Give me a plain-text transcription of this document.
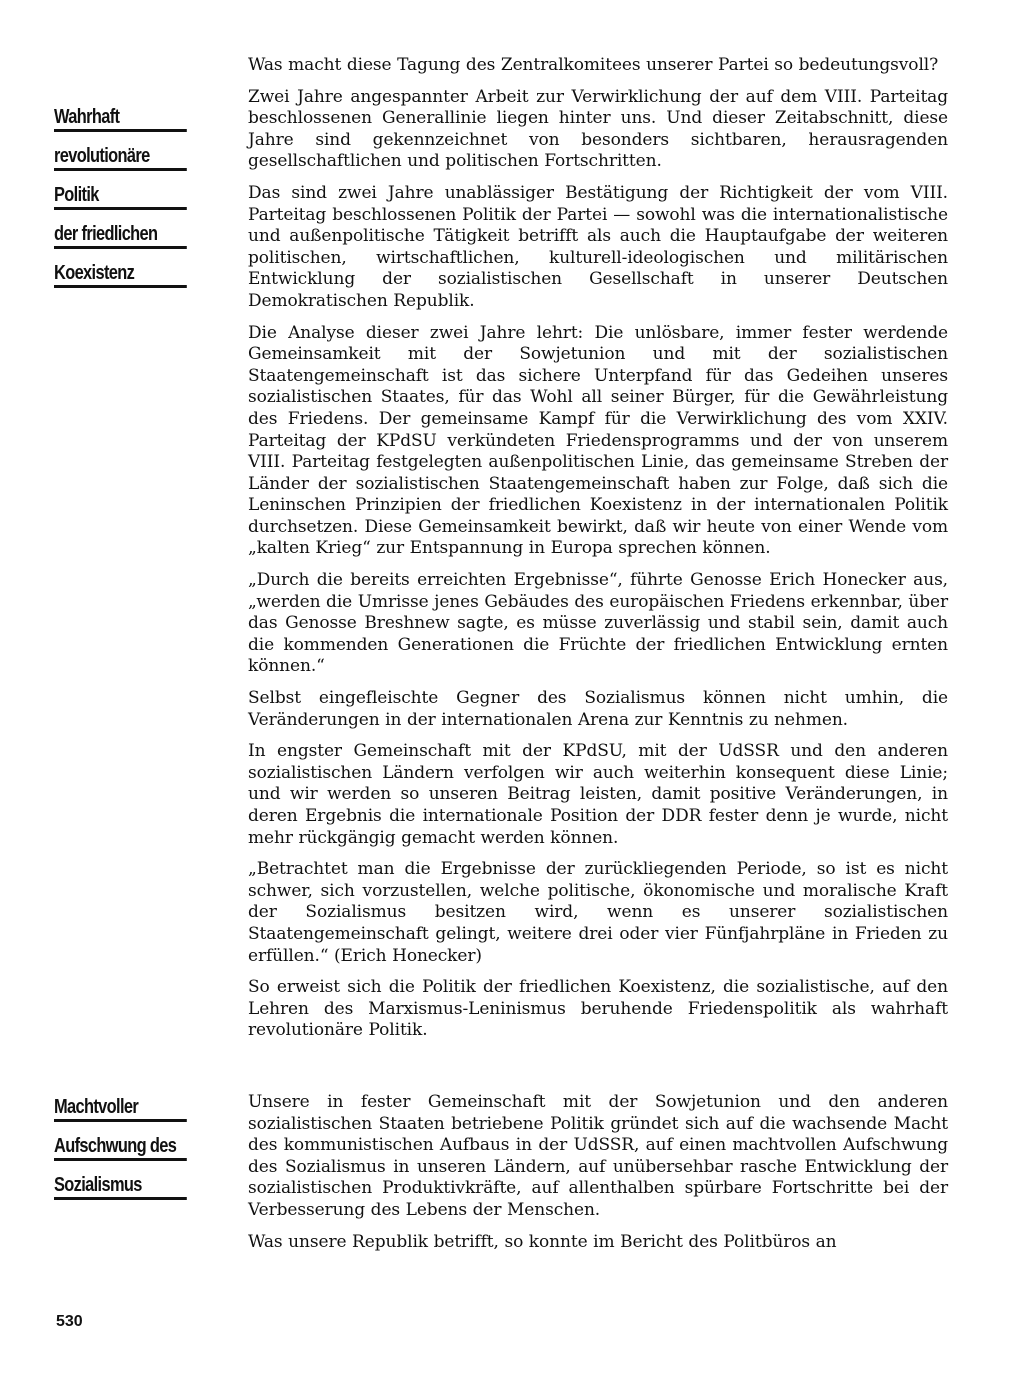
Wahrhaft
revolutionäre
Politik
der friedlichen
Koexistenz

Was macht diese Tagung des Zentralkomitees unserer Partei so bedeutungsvoll?

Zwei Jahre angespannter Arbeit zur Verwirklichung der auf dem VIII. Parteitag beschlossenen Generallinie liegen hinter uns. Und dieser Zeitabschnitt, diese Jahre sind gekennzeichnet von besonders sichtbaren, herausragenden gesellschaftlichen und politischen Fortschritten.

Das sind zwei Jahre unablässiger Bestätigung der Richtigkeit der vom VIII. Parteitag beschlossenen Politik der Partei — sowohl was die internationalistische und außenpolitische Tätigkeit betrifft als auch die Hauptaufgabe der weiteren politischen, wirtschaftlichen, kulturell-ideologischen und militärischen Entwicklung der sozialistischen Gesellschaft in unserer Deutschen Demokratischen Republik.

Die Analyse dieser zwei Jahre lehrt: Die unlösbare, immer fester werdende Gemeinsamkeit mit der Sowjetunion und mit der sozialistischen Staatengemeinschaft ist das sichere Unterpfand für das Gedeihen unseres sozialistischen Staates, für das Wohl all seiner Bürger, für die Gewährleistung des Friedens. Der gemeinsame Kampf für die Verwirklichung des vom XXIV. Parteitag der KPdSU verkündeten Friedensprogramms und der von unserem VIII. Parteitag festgelegten außenpolitischen Linie, das gemeinsame Streben der Länder der sozialistischen Staatengemeinschaft haben zur Folge, daß sich die Leninschen Prinzipien der friedlichen Koexistenz in der internationalen Politik durchsetzen. Diese Gemeinsamkeit bewirkt, daß wir heute von einer Wende vom „kalten Krieg“ zur Entspannung in Europa sprechen können.

„Durch die bereits erreichten Ergebnisse“, führte Genosse Erich Honecker aus, „werden die Umrisse jenes Gebäudes des europäischen Friedens erkennbar, über das Genosse Breshnew sagte, es müsse zuverlässig und stabil sein, damit auch die kommenden Generationen die Früchte der friedlichen Entwicklung ernten können.“

Selbst eingefleischte Gegner des Sozialismus können nicht umhin, die Veränderungen in der internationalen Arena zur Kenntnis zu nehmen.

In engster Gemeinschaft mit der KPdSU, mit der UdSSR und den anderen sozialistischen Ländern verfolgen wir auch weiterhin konsequent diese Linie; und wir werden so unseren Beitrag leisten, damit positive Veränderungen, in deren Ergebnis die internationale Position der DDR fester denn je wurde, nicht mehr rückgängig gemacht werden können.

„Betrachtet man die Ergebnisse der zurückliegenden Periode, so ist es nicht schwer, sich vorzustellen, welche politische, ökonomische und moralische Kraft der Sozialismus besitzen wird, wenn es unserer sozialistischen Staatengemeinschaft gelingt, weitere drei oder vier Fünfjahrpläne in Frieden zu erfüllen.“ (Erich Honecker)

So erweist sich die Politik der friedlichen Koexistenz, die sozialistische, auf den Lehren des Marxismus-Leninismus beruhende Friedenspolitik als wahrhaft revolutionäre Politik.

Machtvoller
Aufschwung des
Sozialismus

Unsere in fester Gemeinschaft mit der Sowjetunion und den anderen sozialistischen Staaten betriebene Politik gründet sich auf die wachsende Macht des kommunistischen Aufbaus in der UdSSR, auf einen machtvollen Aufschwung des Sozialismus in unseren Ländern, auf unübersehbar rasche Entwicklung der sozialistischen Produktivkräfte, auf allenthalben spürbare Fortschritte bei der Verbesserung des Lebens der Menschen.

Was unsere Republik betrifft, so konnte im Bericht des Politbüros an

530
